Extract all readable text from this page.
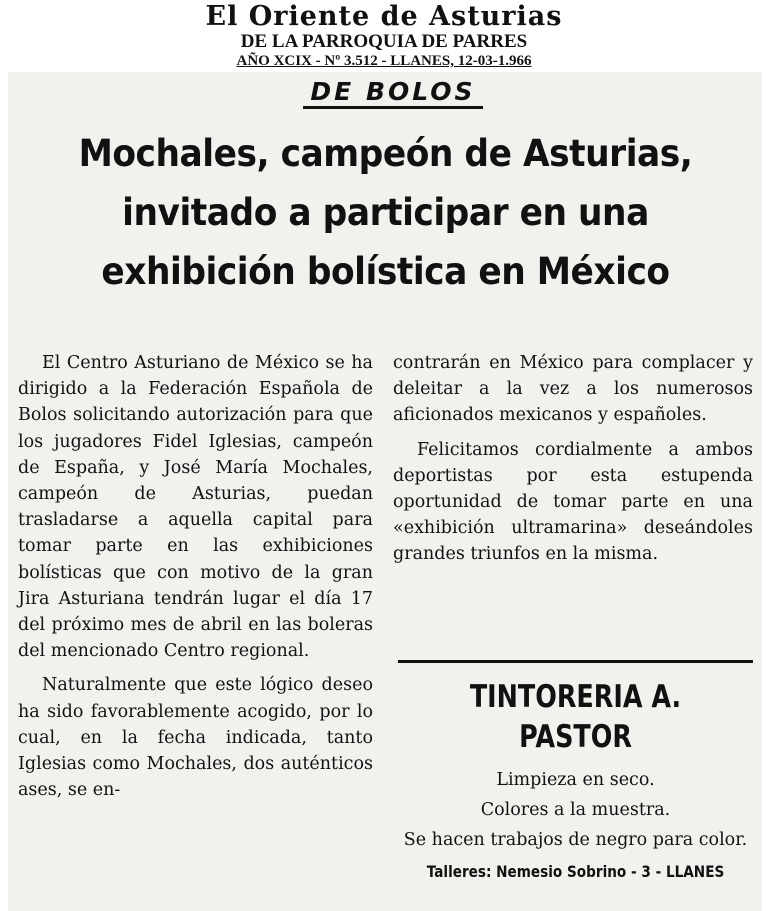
El Oriente de Asturias
DE LA PARROQUIA DE PARRES
AÑO XCIX - Nº 3.512 - LLANES, 12-03-1.966
DE BOLOS
Mochales, campeón de Asturias, invitado a participar en una exhibición bolística en México

El Centro Asturiano de México se ha dirigido a la Federación Española de Bolos solicitando autorización para que los jugadores Fidel Iglesias, campeón de España, y José María Mochales, campeón de Asturias, puedan trasladarse a aquella capital para tomar parte en las exhibiciones bolísticas que con motivo de la gran Jira Asturiana tendrán lugar el día 17 del próximo mes de abril en las boleras del mencionado Centro regional.

Naturalmente que este lógico deseo ha sido favorablemente acogido, por lo cual, en la fecha indicada, tanto Iglesias como Mochales, dos auténticos ases, se en-

contrarán en México para complacer y deleitar a la vez a los numerosos aficionados mexicanos y españoles.

Felicitamos cordialmente a ambos deportistas por esta estupenda oportunidad de tomar parte en una «exhibición ultramarina» deseándoles grandes triunfos en la misma.

TINTORERIA A. PASTOR
Limpieza en seco.
Colores a la muestra.
Se hacen trabajos de negro para color.
Talleres: Nemesio Sobrino - 3 - LLANES
